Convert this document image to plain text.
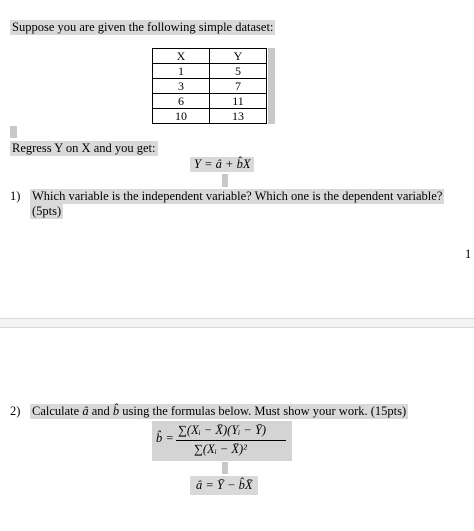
Suppose you are given the following simple dataset:
X	Y
1	5
3	7
6	11
10	13
Regress Y on X and you get:
Y = â + b̂X
1) Which variable is the independent variable? Which one is the dependent variable?
(5pts)
1
2) Calculate â and b̂ using the formulas below. Must show your work. (15pts)
b̂ =
∑(Xᵢ − X̄)(Yᵢ − Ȳ)
∑(Xᵢ − X̄)²
â = Ȳ − b̂X̄
